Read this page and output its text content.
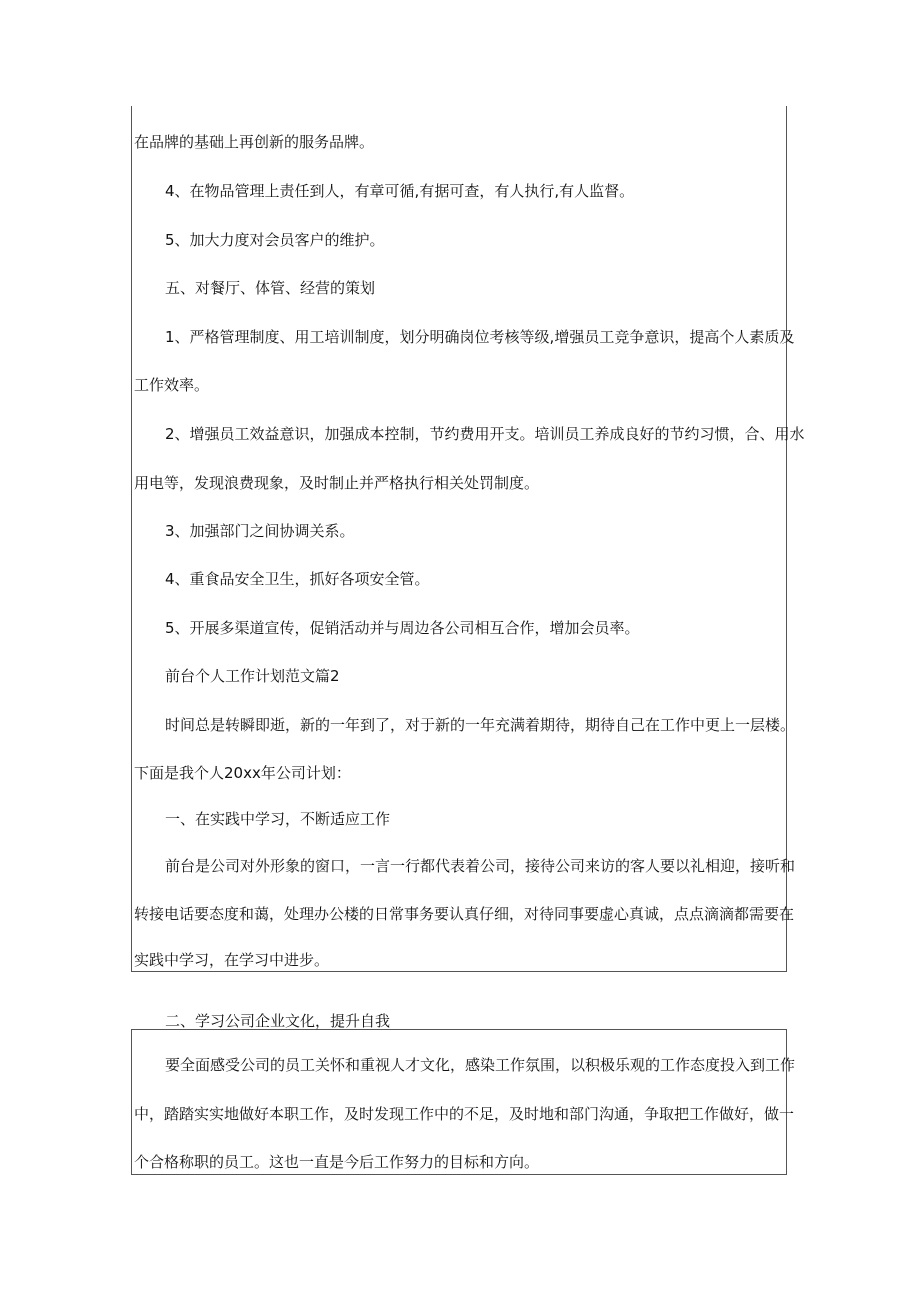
在品牌的基础上再创新的服务品牌。
4、在物品管理上责任到人，有章可循,有据可查，有人执行,有人监督。
5、加大力度对会员客户的维护。
五、对餐厅、体管、经营的策划
1、严格管理制度、用工培训制度，划分明确岗位考核等级,增强员工竞争意识，提高个人素质及
工作效率。
2、增强员工效益意识，加强成本控制，节约费用开支。培训员工养成良好的节约习惯，合、用水
用电等，发现浪费现象，及时制止并严格执行相关处罚制度。
3、加强部门之间协调关系。
4、重食品安全卫生，抓好各项安全管。
5、开展多渠道宣传，促销活动并与周边各公司相互合作，增加会员率。
前台个人工作计划范文篇2
时间总是转瞬即逝，新的一年到了，对于新的一年充满着期待，期待自己在工作中更上一层楼。
下面是我个人20xx年公司计划：
一、在实践中学习，不断适应工作
前台是公司对外形象的窗口，一言一行都代表着公司，接待公司来访的客人要以礼相迎，接听和
转接电话要态度和蔼，处理办公楼的日常事务要认真仔细，对待同事要虚心真诚，点点滴滴都需要在
实践中学习，在学习中进步。
二、学习公司企业文化，提升自我
要全面感受公司的员工关怀和重视人才文化，感染工作氛围，以积极乐观的工作态度投入到工作
中，踏踏实实地做好本职工作，及时发现工作中的不足，及时地和部门沟通，争取把工作做好，做一
个合格称职的员工。这也一直是今后工作努力的目标和方向。
